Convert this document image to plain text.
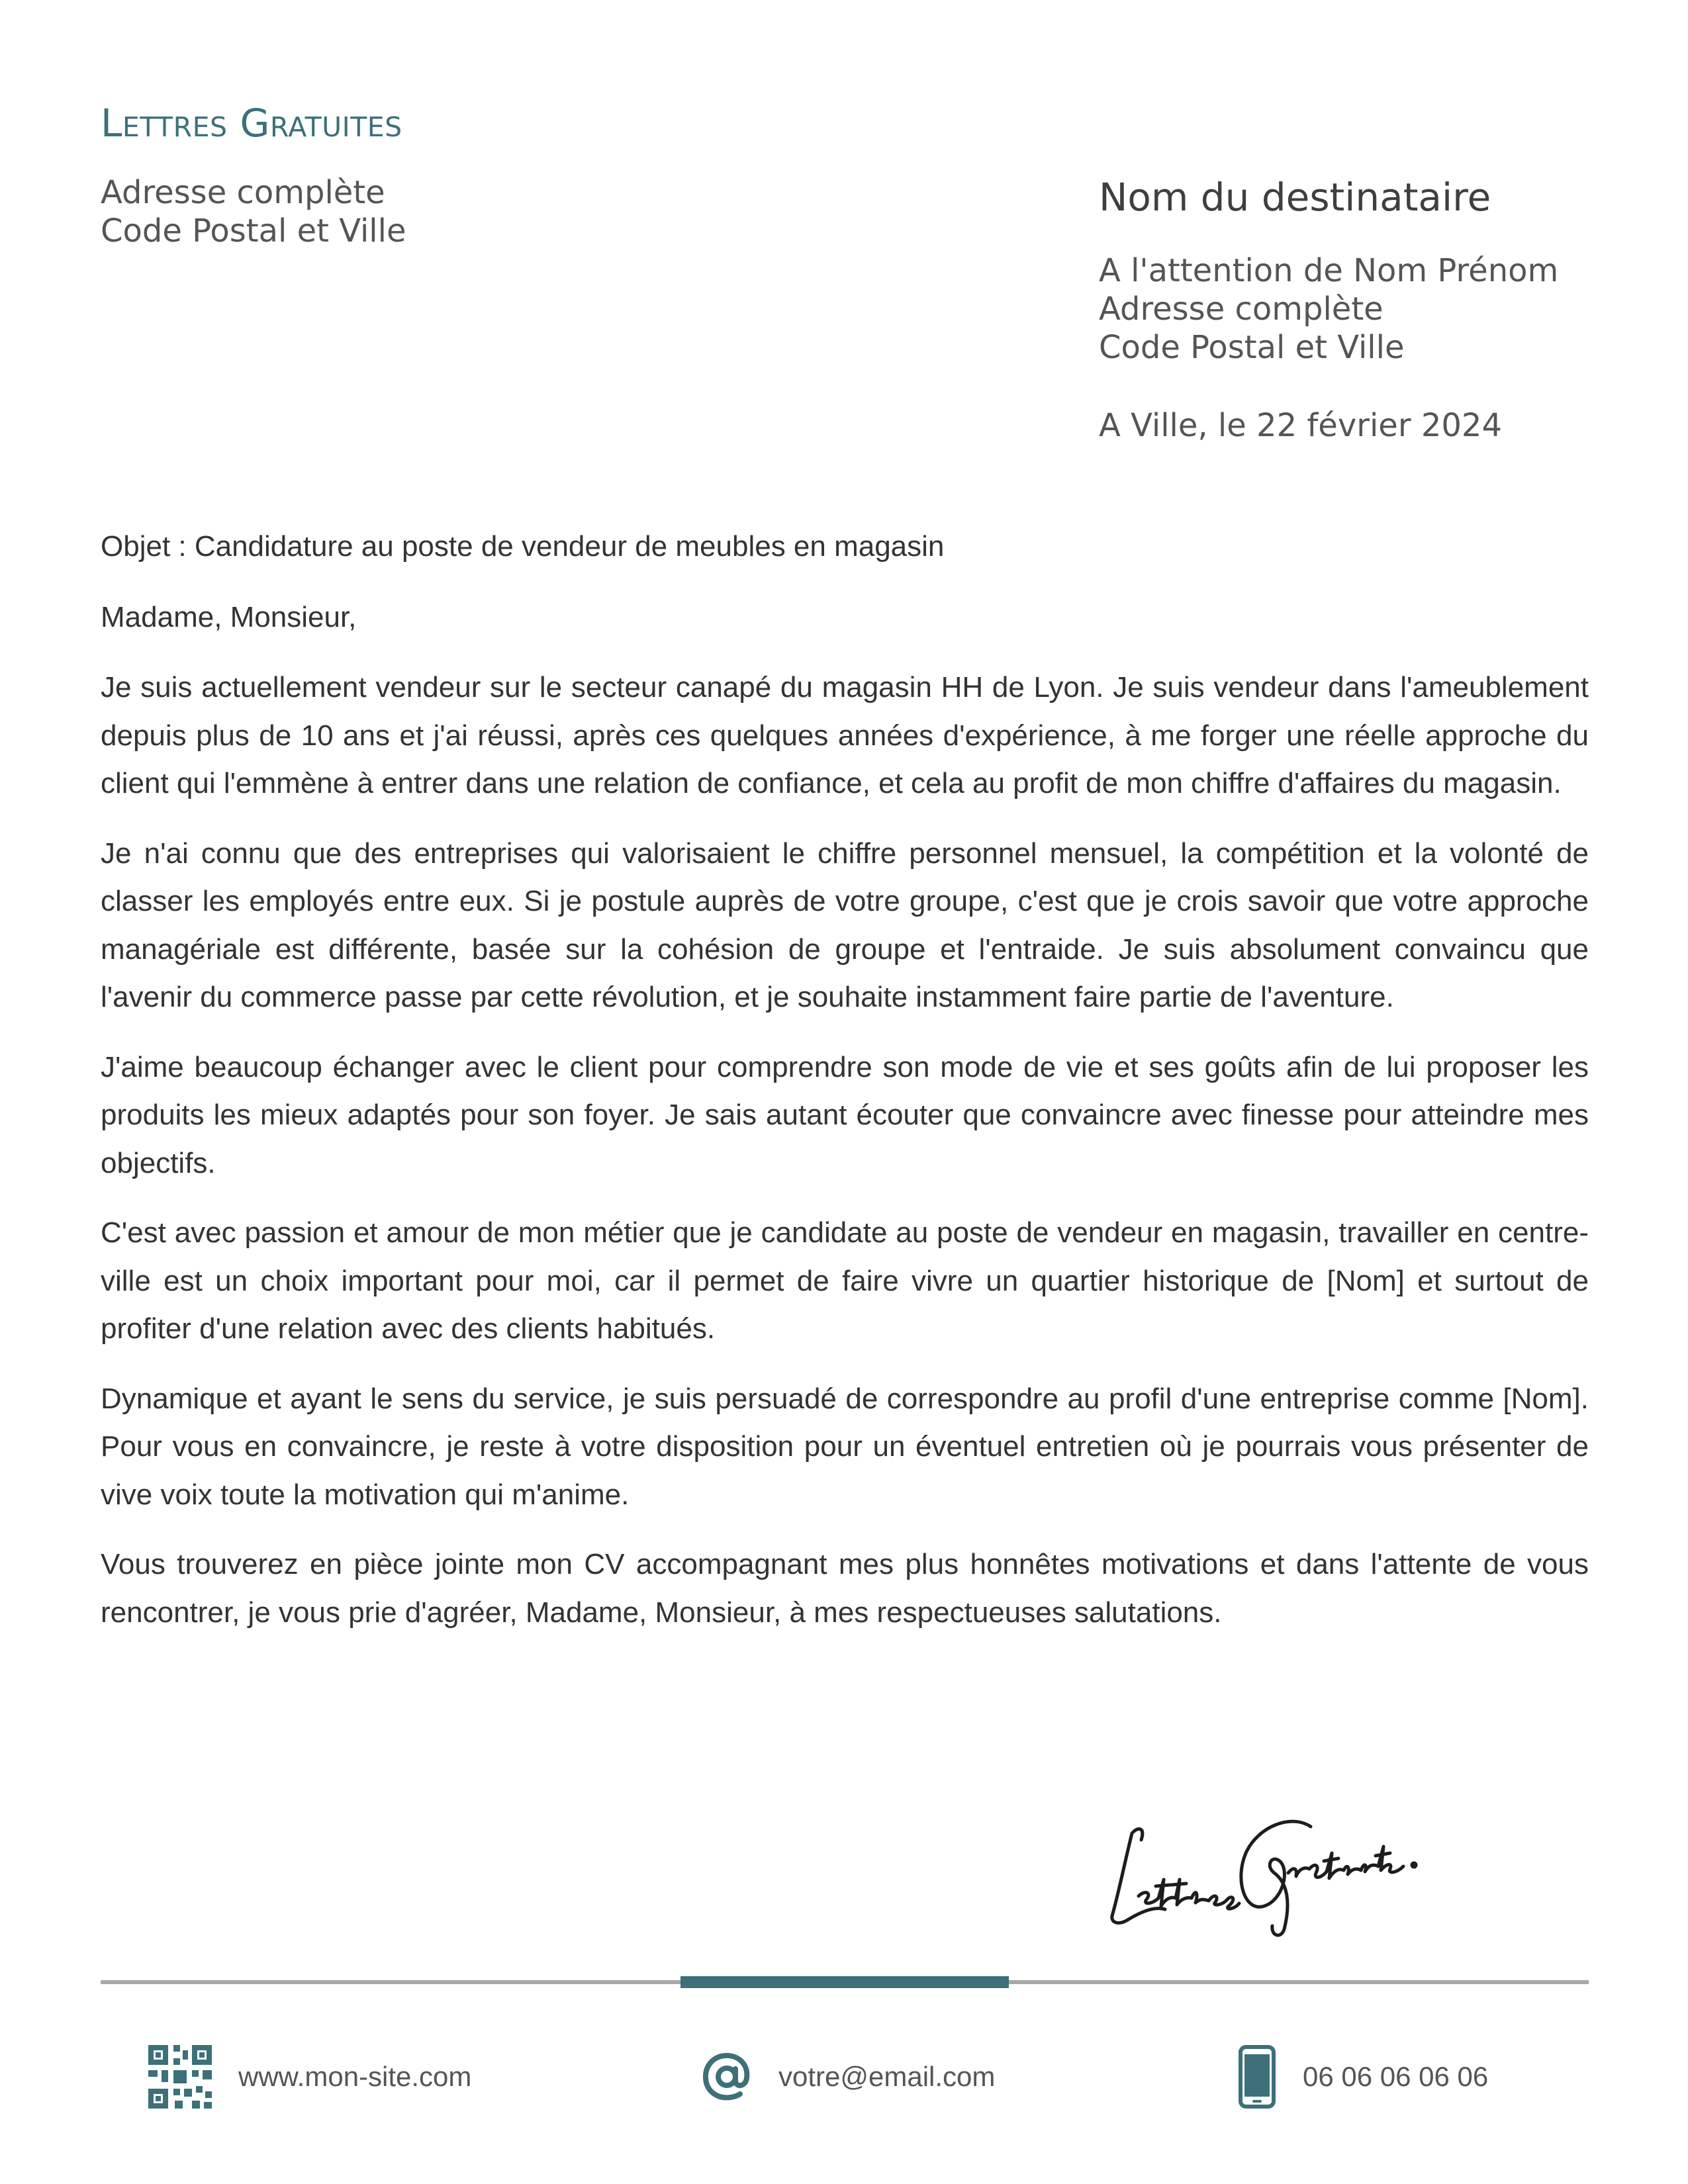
Lettres Gratuites
Adresse complète
Code Postal et Ville
Nom du destinataire
A l'attention de Nom Prénom
Adresse complète
Code Postal et Ville
A Ville, le 22 février 2024

Objet : Candidature au poste de vendeur de meubles en magasin

Madame, Monsieur,

Je suis actuellement vendeur sur le secteur canapé du magasin HH de Lyon. Je suis vendeur dans l'ameublement depuis plus de 10 ans et j'ai réussi, après ces quelques années d'expérience, à me forger une réelle approche du client qui l'emmène à entrer dans une relation de confiance, et cela au profit de mon chiffre d'affaires du magasin.

Je n'ai connu que des entreprises qui valorisaient le chiffre personnel mensuel, la compétition et la volonté de classer les employés entre eux. Si je postule auprès de votre groupe, c'est que je crois savoir que votre approche managériale est différente, basée sur la cohésion de groupe et l'entraide. Je suis absolument convaincu que l'avenir du commerce passe par cette révolution, et je souhaite instamment faire partie de l'aventure.

J'aime beaucoup échanger avec le client pour comprendre son mode de vie et ses goûts afin de lui proposer les produits les mieux adaptés pour son foyer. Je sais autant écouter que convaincre avec finesse pour atteindre mes objectifs.

C'est avec passion et amour de mon métier que je candidate au poste de vendeur en magasin, travailler en centre-ville est un choix important pour moi, car il permet de faire vivre un quartier historique de [Nom] et surtout de profiter d'une relation avec des clients habitués.

Dynamique et ayant le sens du service, je suis persuadé de correspondre au profil d'une entreprise comme [Nom]. Pour vous en convaincre, je reste à votre disposition pour un éventuel entretien où je pourrais vous présenter de vive voix toute la motivation qui m'anime.

Vous trouverez en pièce jointe mon CV accompagnant mes plus honnêtes motivations et dans l'attente de vous rencontrer, je vous prie d'agréer, Madame, Monsieur, à mes respectueuses salutations.

www.mon-site.com	votre@email.com	06 06 06 06 06
